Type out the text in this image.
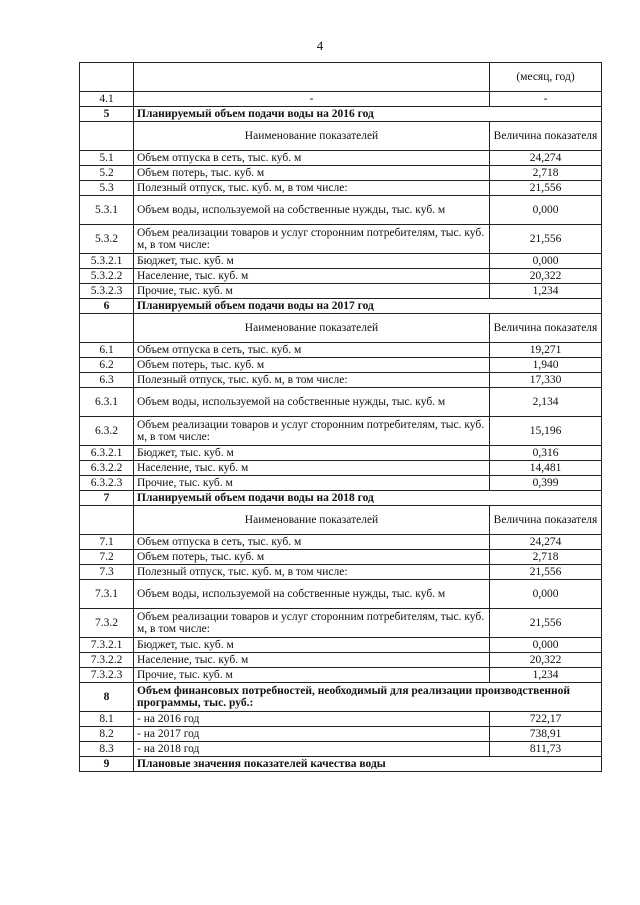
4
		(месяц, год)
4.1	-	-
5	Планируемый объем подачи воды на 2016 год	
	Наименование показателей	Величина показателя
5.1	Объем отпуска в сеть, тыс. куб. м	24,274
5.2	Объем потерь, тыс. куб. м	2,718
5.3	Полезный отпуск, тыс. куб. м, в том числе:	21,556
5.3.1	Объем воды, используемой на собственные нужды, тыс. куб. м	0,000
5.3.2	Объем реализации товаров и услуг сторонним потребителям, тыс. куб. м, в том числе:	21,556
5.3.2.1	Бюджет, тыс. куб. м	0,000
5.3.2.2	Население, тыс. куб. м	20,322
5.3.2.3	Прочие, тыс. куб. м	1,234
6	Планируемый объем подачи воды на 2017 год	
	Наименование показателей	Величина показателя
6.1	Объем отпуска в сеть, тыс. куб. м	19,271
6.2	Объем потерь, тыс. куб. м	1,940
6.3	Полезный отпуск, тыс. куб. м, в том числе:	17,330
6.3.1	Объем воды, используемой на собственные нужды, тыс. куб. м	2,134
6.3.2	Объем реализации товаров и услуг сторонним потребителям, тыс. куб. м, в том числе:	15,196
6.3.2.1	Бюджет, тыс. куб. м	0,316
6.3.2.2	Население, тыс. куб. м	14,481
6.3.2.3	Прочие, тыс. куб. м	0,399
7	Планируемый объем подачи воды на 2018 год	
	Наименование показателей	Величина показателя
7.1	Объем отпуска в сеть, тыс. куб. м	24,274
7.2	Объем потерь, тыс. куб. м	2,718
7.3	Полезный отпуск, тыс. куб. м, в том числе:	21,556
7.3.1	Объем воды, используемой на собственные нужды, тыс. куб. м	0,000
7.3.2	Объем реализации товаров и услуг сторонним потребителям, тыс. куб. м, в том числе:	21,556
7.3.2.1	Бюджет, тыс. куб. м	0,000
7.3.2.2	Население, тыс. куб. м	20,322
7.3.2.3	Прочие, тыс. куб. м	1,234
8	Объем финансовых потребностей, необходимый для реализации производственной программы, тыс. руб.:	
8.1	- на 2016 год	722,17
8.2	- на 2017 год	738,91
8.3	- на 2018 год	811,73
9	Плановые значения показателей качества воды	
